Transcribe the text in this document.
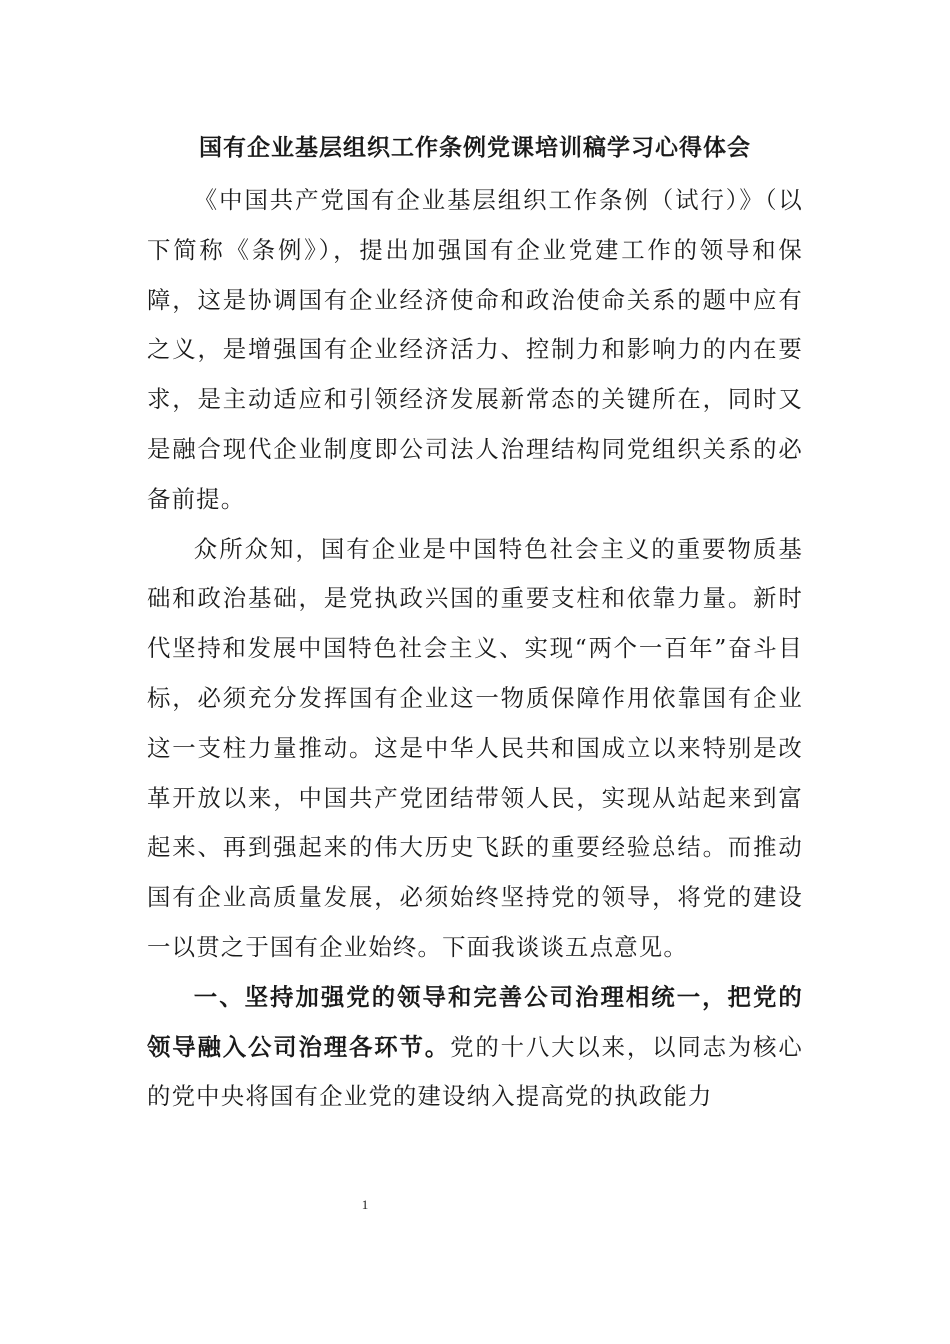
国有企业基层组织工作条例党课培训稿学习心得体会

《中国共产党国有企业基层组织工作条例（试行）》（以下简称《条例》），提出加强国有企业党建工作的领导和保障，这是协调国有企业经济使命和政治使命关系的题中应有之义，是增强国有企业经济活力、控制力和影响力的内在要求，是主动适应和引领经济发展新常态的关键所在，同时又是融合现代企业制度即公司法人治理结构同党组织关系的必备前提。

众所众知，国有企业是中国特色社会主义的重要物质基础和政治基础，是党执政兴国的重要支柱和依靠力量。新时代坚持和发展中国特色社会主义、实现“两个一百年”奋斗目标，必须充分发挥国有企业这一物质保障作用依靠国有企业这一支柱力量推动。这是中华人民共和国成立以来特别是改革开放以来，中国共产党团结带领人民，实现从站起来到富起来、再到强起来的伟大历史飞跃的重要经验总结。而推动国有企业高质量发展，必须始终坚持党的领导，将党的建设一以贯之于国有企业始终。下面我谈谈五点意见。

一、坚持加强党的领导和完善公司治理相统一，把党的领导融入公司治理各环节。党的十八大以来，以同志为核心的党中央将国有企业党的建设纳入提高党的执政能力

1
